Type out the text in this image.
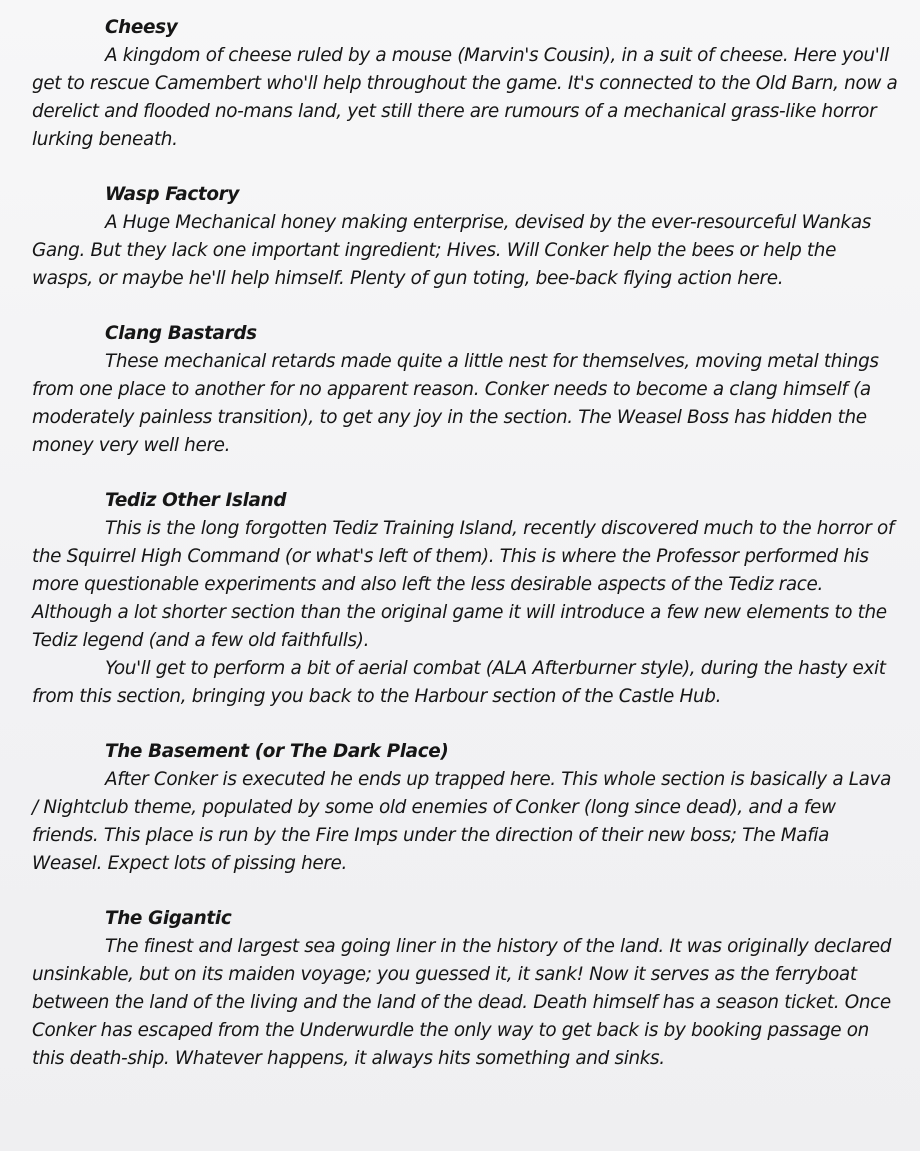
Cheesy

A kingdom of cheese ruled by a mouse (Marvin's Cousin), in a suit of cheese. Here you'll get to rescue Camembert who'll help throughout the game. It's connected to the Old Barn, now a derelict and flooded no-mans land, yet still there are rumours of a mechanical grass-like horror lurking beneath.

Wasp Factory

A Huge Mechanical honey making enterprise, devised by the ever-resourceful Wankas Gang. But they lack one important ingredient; Hives. Will Conker help the bees or help the wasps, or maybe he'll help himself. Plenty of gun toting, bee-back flying action here.

Clang Bastards

These mechanical retards made quite a little nest for themselves, moving metal things from one place to another for no apparent reason. Conker needs to become a clang himself (a moderately painless transition), to get any joy in the section. The Weasel Boss has hidden the money very well here.

Tediz Other Island

This is the long forgotten Tediz Training Island, recently discovered much to the horror of the Squirrel High Command (or what's left of them). This is where the Professor performed his more questionable experiments and also left the less desirable aspects of the Tediz race. Although a lot shorter section than the original game it will introduce a few new elements to the Tediz legend (and a few old faithfulls).

You'll get to perform a bit of aerial combat (ALA Afterburner style), during the hasty exit from this section, bringing you back to the Harbour section of the Castle Hub.

The Basement (or The Dark Place)

After Conker is executed he ends up trapped here. This whole section is basically a Lava / Nightclub theme, populated by some old enemies of Conker (long since dead), and a few friends. This place is run by the Fire Imps under the direction of their new boss; The Mafia Weasel. Expect lots of pissing here.

The Gigantic

The finest and largest sea going liner in the history of the land. It was originally declared unsinkable, but on its maiden voyage; you guessed it, it sank! Now it serves as the ferryboat between the land of the living and the land of the dead. Death himself has a season ticket. Once Conker has escaped from the Underwurdle the only way to get back is by booking passage on this death-ship. Whatever happens, it always hits something and sinks.
